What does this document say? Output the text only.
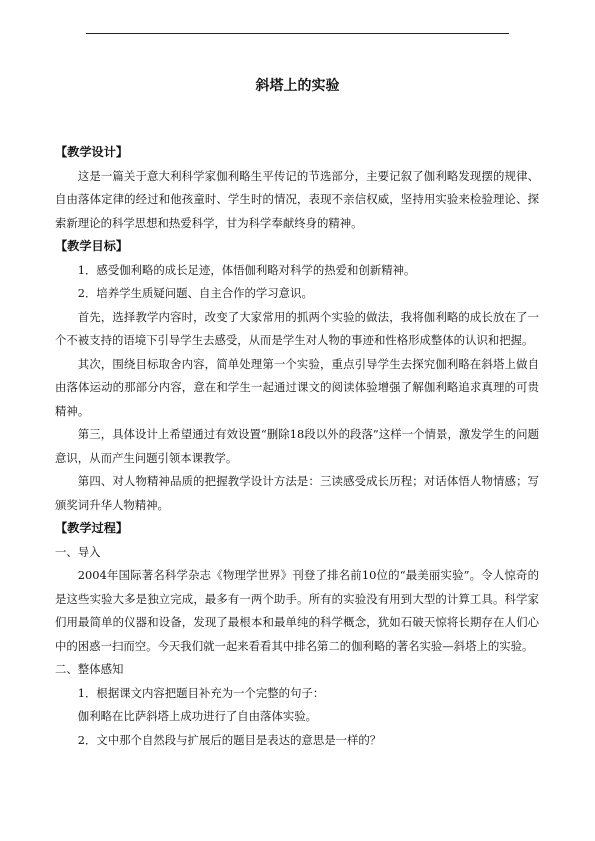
斜塔上的实验

【教学设计】

这是一篇关于意大利科学家伽利略生平传记的节选部分，主要记叙了伽利略发现摆的规律、自由落体定律的经过和他孩童时、学生时的情况，表现不亲信权威，坚持用实验来检验理论、探索新理论的科学思想和热爱科学，甘为科学奉献终身的精神。

【教学目标】

1．感受伽利略的成长足迹，体悟伽利略对科学的热爱和创新精神。

2．培养学生质疑问题、自主合作的学习意识。

首先，选择教学内容时，改变了大家常用的抓两个实验的做法，我将伽利略的成长放在了一个不被支持的语境下引导学生去感受，从而是学生对人物的事迹和性格形成整体的认识和把握。

其次，围绕目标取舍内容，简单处理第一个实验，重点引导学生去探究伽利略在斜塔上做自由落体运动的那部分内容，意在和学生一起通过课文的阅读体验增强了解伽利略追求真理的可贵精神。

第三，具体设计上希望通过有效设置“删除18段以外的段落”这样一个情景，激发学生的问题意识，从而产生问题引领本课教学。

第四、对人物精神品质的把握教学设计方法是：三读感受成长历程；对话体悟人物情感；写颁奖词升华人物精神。

【教学过程】

一、导入

2004年国际著名科学杂志《物理学世界》刊登了排名前10位的“最美丽实验”。令人惊奇的是这些实验大多是独立完成，最多有一两个助手。所有的实验没有用到大型的计算工具。科学家们用最简单的仪器和设备，发现了最根本和最单纯的科学概念，犹如石破天惊将长期存在人们心中的困惑一扫而空。今天我们就一起来看看其中排名第二的伽利略的著名实验—斜塔上的实验。

二、整体感知

1．根据课文内容把题目补充为一个完整的句子：

伽利略在比萨斜塔上成功进行了自由落体实验。

2．文中那个自然段与扩展后的题目是表达的意思是一样的？
